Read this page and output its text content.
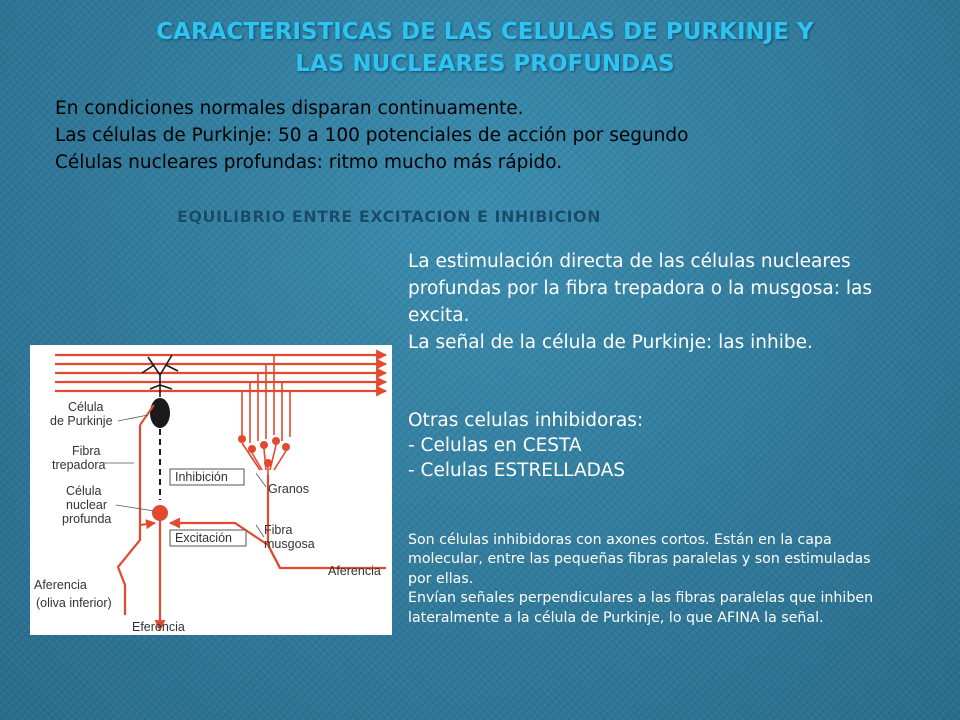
CARACTERISTICAS DE LAS CELULAS DE PURKINJE Y
LAS NUCLEARES PROFUNDAS
En condiciones normales disparan continuamente.
Las células de Purkinje: 50 a 100 potenciales de acción por segundo
Células nucleares profundas: ritmo mucho más rápido.
EQUILIBRIO ENTRE EXCITACION E INHIBICION
La estimulación directa de las células nucleares
profundas por la fibra trepadora o la musgosa: las
excita.
La señal de la célula de Purkinje: las inhibe.
Otras celulas inhibidoras:
- Celulas en CESTA
- Celulas ESTRELLADAS
Son células inhibidoras con axones cortos. Están en la capa
molecular, entre las pequeñas fibras paralelas y son estimuladas
por ellas.
Envían señales perpendiculares a las fibras paralelas que inhiben
lateralmente a la célula de Purkinje, lo que AFINA la señal.
Célula
de Purkinje
Fibra
trepadora
Célula
nuclear
profunda
Inhibición
Excitación
Granos
Fibra
musgosa
Aferencia
Aferencia
(oliva inferior)
Eferencia
